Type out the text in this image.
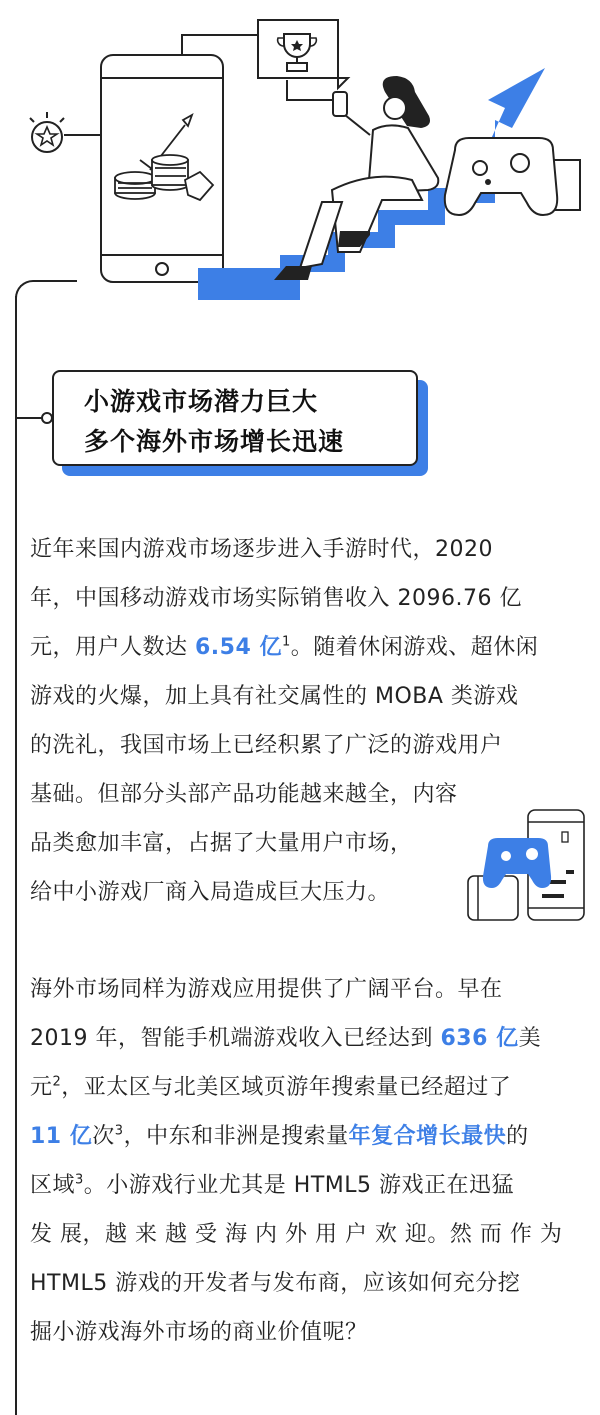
小游戏市场潜力巨大
多个海外市场增长迅速
近年来国内游戏市场逐步进入手游时代，2020
年，中国移动游戏市场实际销售收入 2096.76 亿
元，用户人数达 6.54 亿$^1$。随着休闲游戏、超休闲
游戏的火爆，加上具有社交属性的 MOBA 类游戏
的洗礼，我国市场上已经积累了广泛的游戏用户
基础。但部分头部产品功能越来越全，内容
品类愈加丰富，占据了大量用户市场，
给中小游戏厂商入局造成巨大压力。
海外市场同样为游戏应用提供了广阔平台。早在
2019 年，智能手机端游戏收入已经达到 636 亿美
元$^2$，亚太区与北美区域页游年搜索量已经超过了
11 亿次$^3$，中东和非洲是搜索量年复合增长最快的
区域$^3$。小游戏行业尤其是 HTML5 游戏正在迅猛
发 展，越 来 越 受 海 内 外 用 户 欢 迎。然 而 作 为
HTML5 游戏的开发者与发布商，应该如何充分挖
掘小游戏海外市场的商业价值呢？
